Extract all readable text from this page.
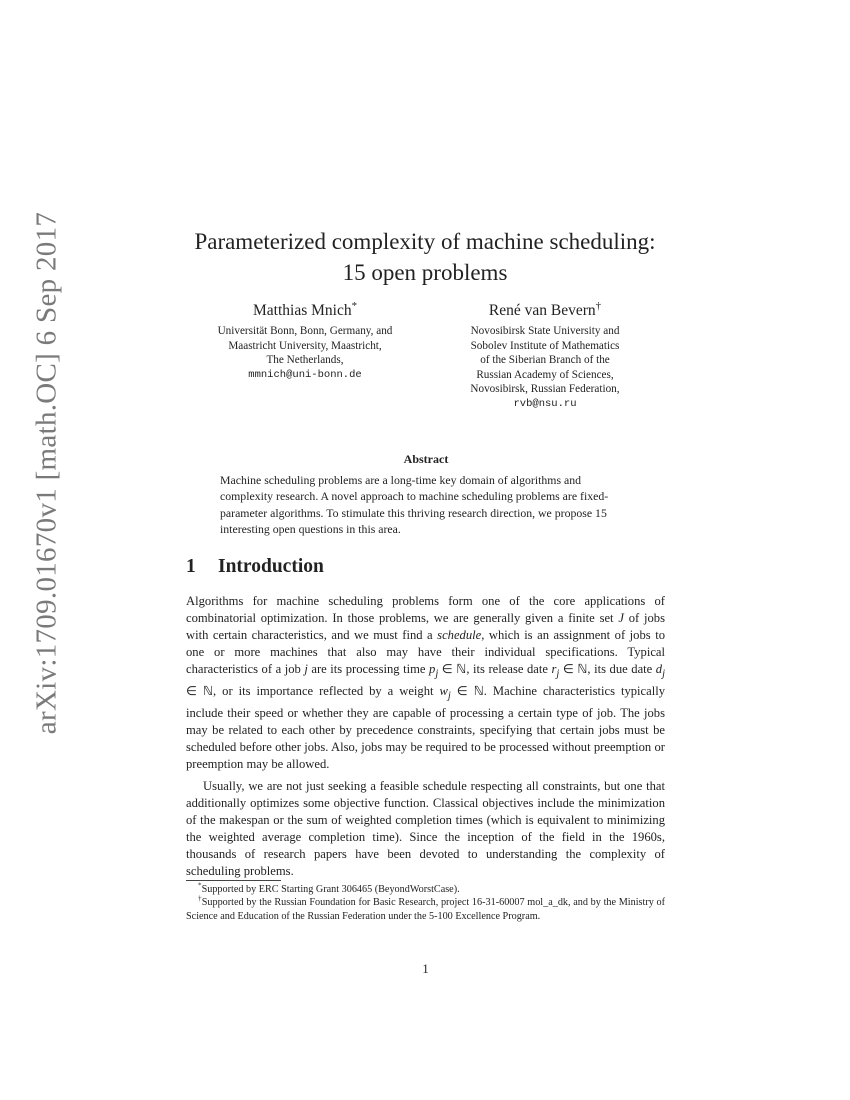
arXiv:1709.01670v1 [math.OC] 6 Sep 2017	Parameterized complexity of machine scheduling:
15 open problems
Matthias Mnich*
Universität Bonn, Bonn, Germany, and
Maastricht University, Maastricht,
The Netherlands,
mmnich@uni-bonn.de
René van Bevern†
Novosibirsk State University and
Sobolev Institute of Mathematics
of the Siberian Branch of the
Russian Academy of Sciences,
Novosibirsk, Russian Federation,
rvb@nsu.ru
Abstract
Machine scheduling problems are a long-time key domain of algorithms and complexity research. A novel approach to machine scheduling problems are fixed-parameter algorithms. To stimulate this thriving research direction, we propose 15 interesting open questions in this area.
1 Introduction

Algorithms for machine scheduling problems form one of the core applications of combinatorial optimization. In those problems, we are generally given a finite set J of jobs with certain characteristics, and we must find a schedule, which is an assignment of jobs to one or more machines that also may have their individual specifications. Typical characteristics of a job j are its processing time $p_j$ ∈ ℕ, its release date $r_j$ ∈ ℕ, its due date $d_j$ ∈ ℕ, or its importance reflected by a weight $w_j$ ∈ ℕ. Machine characteristics typically include their speed or whether they are capable of processing a certain type of job. The jobs may be related to each other by precedence constraints, specifying that certain jobs must be scheduled before other jobs. Also, jobs may be required to be processed without preemption or preemption may be allowed.

Usually, we are not just seeking a feasible schedule respecting all constraints, but one that additionally optimizes some objective function. Classical objectives include the minimization of the makespan or the sum of weighted completion times (which is equivalent to minimizing the weighted average completion time). Since the inception of the field in the 1960s, thousands of research papers have been devoted to understanding the complexity of scheduling problems.

*Supported by ERC Starting Grant 306465 (BeyondWorstCase).

†Supported by the Russian Foundation for Basic Research, project 16-31-60007 mol_a_dk, and by the Ministry of Science and Education of the Russian Federation under the 5-100 Excellence Program.

1
